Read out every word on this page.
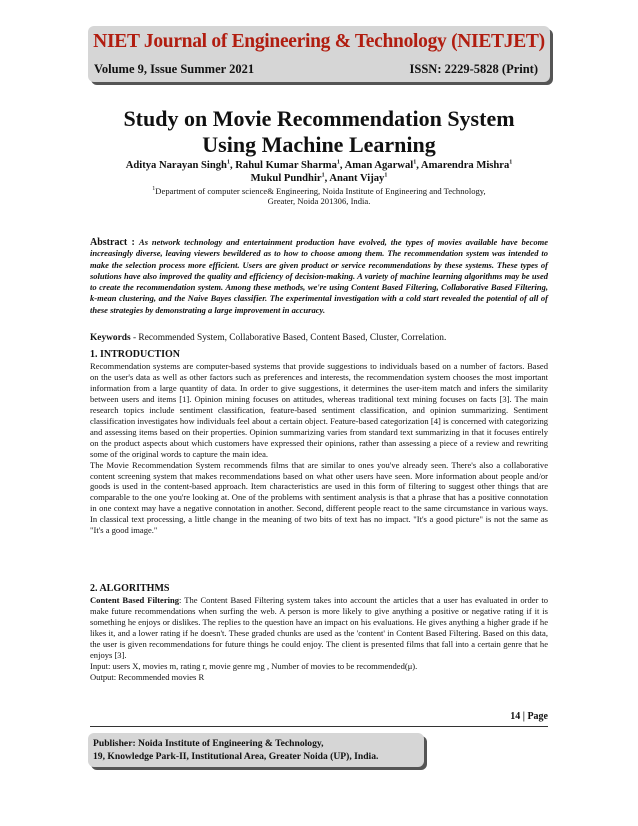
NIET Journal of Engineering & Technology (NIETJET)
Volume 9, Issue Summer 2021	ISSN: 2229-5828 (Print)
Study on Movie Recommendation System
Using Machine Learning
Aditya Narayan Singh$^1$, Rahul Kumar Sharma$^1$, Aman Agarwal$^1$, Amarendra Mishra$^1$
Mukul Pundhir$^1$, Anant Vijay$^1$
$^1$Department of computer science& Engineering, Noida Institute of Engineering and Technology,
Greater, Noida 201306, India.
Abstract : As network technology and entertainment production have evolved, the types of movies available have become increasingly diverse, leaving viewers bewildered as to how to choose among them. The recommendation system was intended to make the selection process more efficient. Users are given product or service recommendations by these systems. These types of solutions have also improved the quality and efficiency of decision-making. A variety of machine learning algorithms may be used to create the recommendation system. Among these methods, we're using Content Based Filtering, Collaborative Based Filtering, k-mean clustering, and the Naive Bayes classifier. The experimental investigation with a cold start revealed the potential of all of these strategies by demonstrating a large improvement in accuracy.
Keywords - Recommended System, Collaborative Based, Content Based, Cluster, Correlation.
1. INTRODUCTION

Recommendation systems are computer-based systems that provide suggestions to individuals based on a number of factors. Based on the user's data as well as other factors such as preferences and interests, the recommendation system chooses the most important information from a large quantity of data. In order to give suggestions, it determines the user-item match and infers the similarity between users and items [1]. Opinion mining focuses on attitudes, whereas traditional text mining focuses on facts [3]. The main research topics include sentiment classification, feature-based sentiment classification, and opinion summarizing. Sentiment classification investigates how individuals feel about a certain object. Feature-based categorization [4] is concerned with categorizing and assessing items based on their properties. Opinion summarizing varies from standard text summarizing in that it focuses entirely on the product aspects about which customers have expressed their opinions, rather than assessing a piece of a review and rewriting some of the original words to capture the main idea.

The Movie Recommendation System recommends films that are similar to ones you've already seen. There's also a collaborative content screening system that makes recommendations based on what other users have seen. More information about people and/or goods is used in the content-based approach. Item characteristics are used in this form of filtering to suggest other things that are comparable to the one you're looking at. One of the problems with sentiment analysis is that a phrase that has a positive connotation in one context may have a negative connotation in another. Second, different people react to the same circumstance in various ways. In classical text processing, a little change in the meaning of two bits of text has no impact. "It's a good picture" is not the same as "It's a good image."

2. ALGORITHMS

Content Based Filtering: The Content Based Filtering system takes into account the articles that a user has evaluated in order to make future recommendations when surfing the web. A person is more likely to give anything a positive or negative rating if it is something he enjoys or dislikes. The replies to the question have an impact on his evaluations. He gives anything a higher grade if he likes it, and a lower rating if he doesn't. These graded chunks are used as the 'content' in Content Based Filtering. Based on this data, the user is given recommendations for future things he could enjoy. The client is presented films that fall into a certain genre that he enjoys [3].

Input: users X, movies m, rating r, movie genre mg , Number of movies to be recommended(μ).

Output: Recommended movies R

14 | Page
Publisher: Noida Institute of Engineering & Technology,
19, Knowledge Park-II, Institutional Area, Greater Noida (UP), India.
